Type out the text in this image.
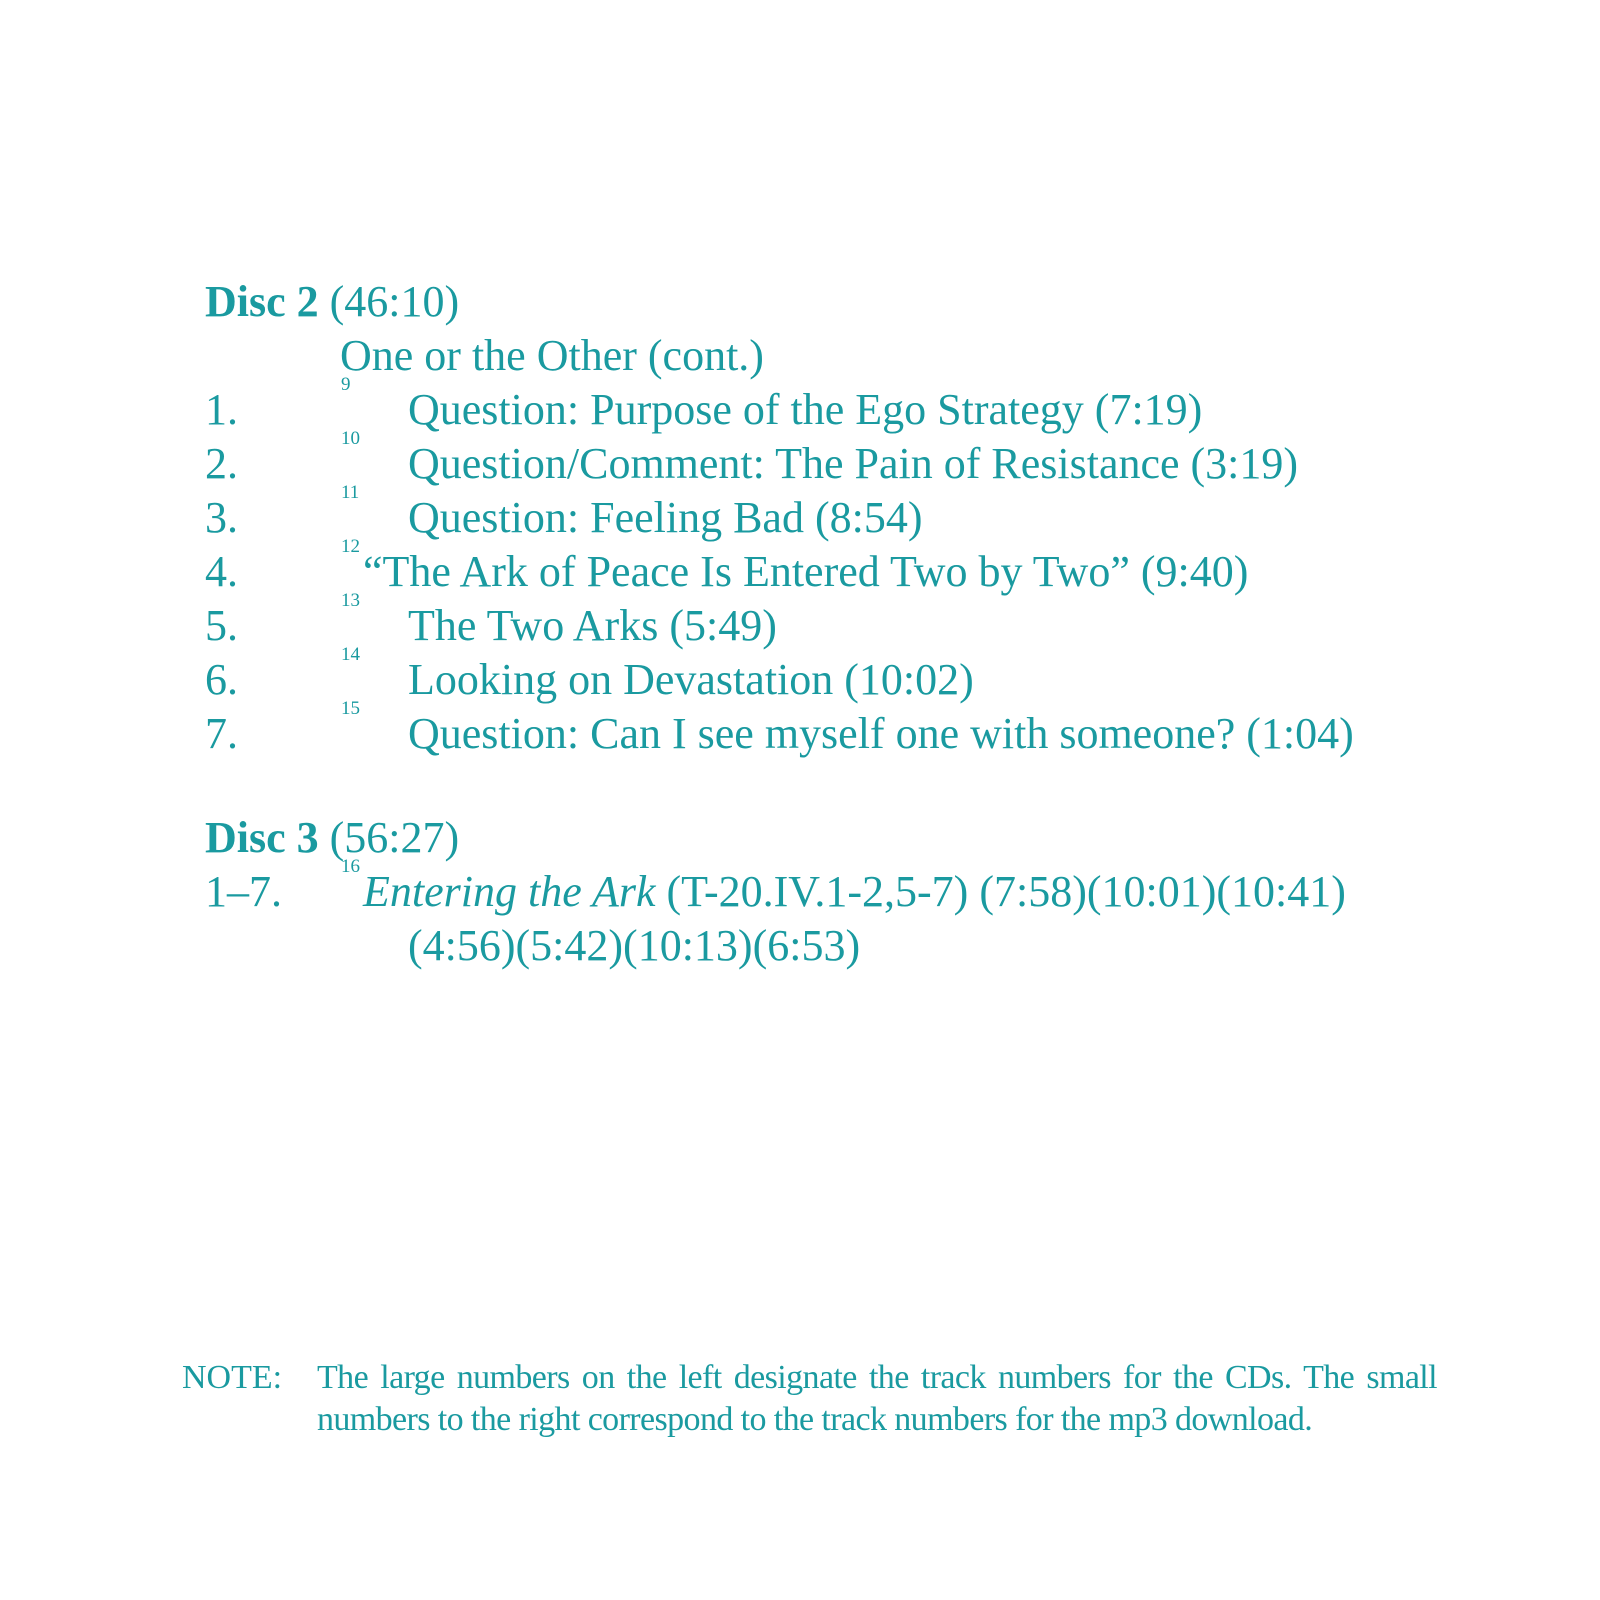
Disc 2 (46:10)
One or the Other (cont.)
1.
9
Question: Purpose of the Ego Strategy (7:19)
2.
10
Question/Comment: The Pain of Resistance (3:19)
3.
11
Question: Feeling Bad (8:54)
4.
12
“The Ark of Peace Is Entered Two by Two” (9:40)
5.
13
The Two Arks (5:49)
6.
14
Looking on Devastation (10:02)
7.
15
Question: Can I see myself one with someone? (1:04)
Disc 3 (56:27)
1–7.
16
Entering the Ark (T-20.IV.1-2,5-7) (7:58)(10:01)(10:41)
(4:56)(5:42)(10:13)(6:53)
NOTE: The large numbers on the left designate the track numbers for the CDs. The small numbers to the right correspond to the track numbers for the mp3 download.
